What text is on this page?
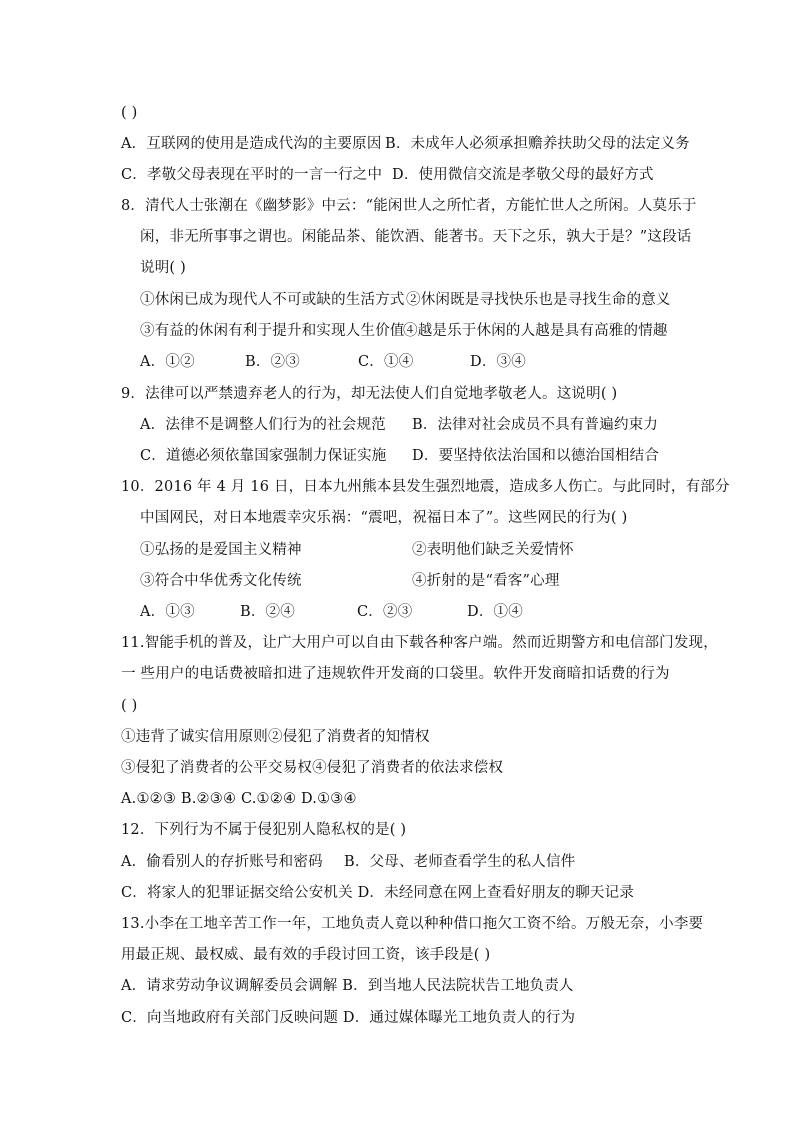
( )
A．互联网的使用是造成代沟的主要原因 B．未成年人必须承担赡养扶助父母的法定义务
C．孝敬父母表现在平时的一言一行之中 D．使用微信交流是孝敬父母的最好方式
8．清代人士张潮在《幽梦影》中云：“能闲世人之所忙者，方能忙世人之所闲。人莫乐于
闲，非无所事事之谓也。闲能品茶、能饮酒、能著书。天下之乐，孰大于是？”这段话
说明( )
①休闲已成为现代人不可或缺的生活方式 ②休闲既是寻找快乐也是寻找生命的意义
③有益的休闲有利于提升和实现人生价值
④越是乐于休闲的人越是具有高雅的情趣
A．①②	B．②③	C．①④	D．③④
9．法律可以严禁遗弃老人的行为，却无法使人们自觉地孝敬老人。这说明( )
A．法律不是调整人们行为的社会规范 B．法律对社会成员不具有普遍约束力
C．道德必须依靠国家强制力保证实施 D．要坚持依法治国和以德治国相结合
10．2016 年 4 月 16 日，日本九州熊本县发生强烈地震，造成多人伤亡。与此同时，有部分
中国网民，对日本地震幸灾乐祸：“震吧，祝福日本了”。这些网民的行为( )
①弘扬的是爱国主义精神	②表明他们缺乏关爱情怀
③符合中华优秀文化传统	④折射的是“看客”心理
A．①③	B．②④	C．②③	D．①④
11.智能手机的普及，让广大用户可以自由下载各种客户端。然而近期警方和电信部门发现，
一 些用户的电话费被暗扣进了违规软件开发商的口袋里。软件开发商暗扣话费的行为
( )
①违背了诚实信用原则②侵犯了消费者的知情权
③侵犯了消费者的公平交易权④侵犯了消费者的依法求偿权
A.①②③ B.②③④ C.①②④ D.①③④
12．下列行为不属于侵犯别人隐私权的是( )
A．偷看别人的存折账号和密码 B．父母、老师查看学生的私人信件
C．将家人的犯罪证据交给公安机关 D．未经同意在网上查看好朋友的聊天记录
13.小李在工地辛苦工作一年，工地负责人竟以种种借口拖欠工资不给。万般无奈，小李要
用最正规、最权威、最有效的手段讨回工资，该手段是( )
A．请求劳动争议调解委员会调解 B．到当地人民法院状告工地负责人
C．向当地政府有关部门反映问题 D．通过媒体曝光工地负责人的行为
